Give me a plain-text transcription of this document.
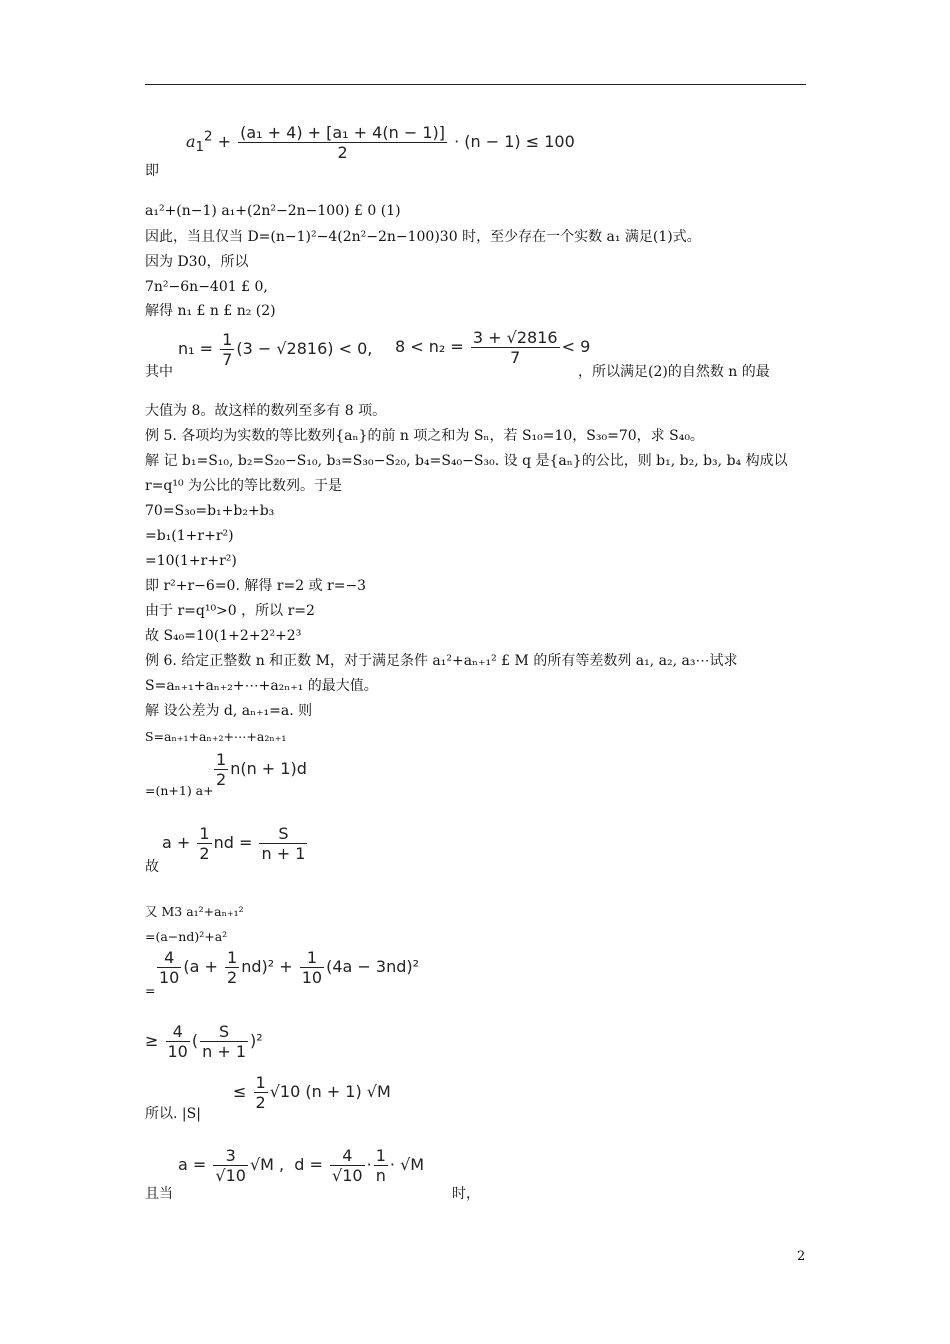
$a_1^2 + \frac{\text{(a₁ + 4) + [a₁ + 4(n − 1)]}}{2} \cdot (n - 1) \le 100$
$n_1 = \frac{1}{7} (3 - √2816) < 0$, $8 < n_2 = \frac{3 + √2816}{7} < 9$
$\frac{1}{2} n(n + 1)d$
$a + \frac{1}{2}$ nd = $\frac{S}{n + 1}$
$\frac{4}{10} (a + \frac{1}{2} nd)^2 + \frac{1}{10} (4a - 3nd)^2$
≥ $\frac{4}{10}$ ( $\frac{S}{n + 1} )^2$
≤ $\frac{1}{2} √10$ (n + 1) √M
$a = \frac{3}{√10} √M$ , $d = \frac{4}{√10} \cdot \frac{1}{n} \cdot √M$
即
a₁²+(n−1) a₁+(2n²−2n−100) £ 0 (1)
因此，当且仅当 D=(n−1)²−4(2n²−2n−100)30 时，至少存在一个实数 a₁ 满足(1)式。
因为 D30，所以
7n²−6n−401 £ 0,
解得 n₁ £ n £ n₂ (2)
其中	，所以满足(2)的自然数 n 的最
大值为 8。故这样的数列至多有 8 项。
例 5. 各项均为实数的等比数列{aₙ}的前 n 项之和为 Sₙ，若 S₁₀=10，S₃₀=70，求 S₄₀。
解 记 b₁=S₁₀, b₂=S₂₀−S₁₀, b₃=S₃₀−S₂₀, b₄=S₄₀−S₃₀. 设 q 是{aₙ}的公比，则 b₁, b₂, b₃, b₄ 构成以
r=q¹⁰ 为公比的等比数列。于是
70=S₃₀=b₁+b₂+b₃
=b₁(1+r+r²)
=10(1+r+r²)
即 r²+r−6=0. 解得 r=2 或 r=−3
由于 r=q¹⁰>0 ，所以 r=2
故 S₄₀=10(1+2+2²+2³
例 6. 给定正整数 n 和正数 M，对于满足条件 a₁²+aₙ₊₁² £ M 的所有等差数列 a₁, a₂, a₃⋯试求
S=aₙ₊₁+aₙ₊₂+⋯+a₂ₙ₊₁ 的最大值。
解 设公差为 d, aₙ₊₁=a. 则
S=aₙ₊₁+aₙ₊₂+⋯+a₂ₙ₊₁
=(n+1) a+
故
又 M3 a₁²+aₙ₊₁²
=(a−nd)²+a²
=
所以. |S|
且当	时，
2
